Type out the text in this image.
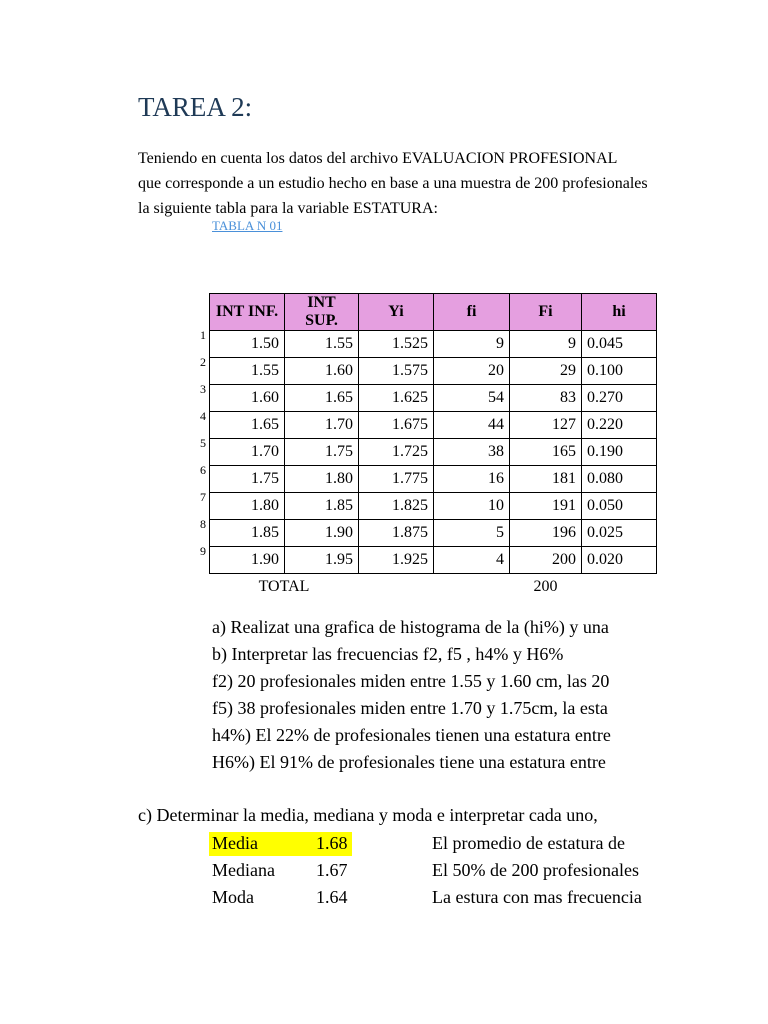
TAREA 2:
Teniendo en cuenta los datos del archivo EVALUACION PROFESIONAL
que corresponde a un estudio hecho en base a una muestra de 200 profesionales
la siguiente tabla para la variable ESTATURA:
TABLA N 01
INT INF.	INT SUP.	Yi	fi	Fi	hi
1.50	1.55	1.525	9	9	0.045
1.55	1.60	1.575	20	29	0.100
1.60	1.65	1.625	54	83	0.270
1.65	1.70	1.675	44	127	0.220
1.70	1.75	1.725	38	165	0.190
1.75	1.80	1.775	16	181	0.080
1.80	1.85	1.825	10	191	0.050
1.85	1.90	1.875	5	196	0.025
1.90	1.95	1.925	4	200	0.020
TOTAL				200	
1
2
3
4
5
6
7
8
9
a) Realizat una grafica de histograma de la (hi%) y una
b) Interpretar las frecuencias f2, f5 , h4% y H6%
f2) 20 profesionales miden entre 1.55 y 1.60 cm, las 20
f5) 38 profesionales miden entre 1.70 y 1.75cm, la esta
h4%) El 22% de profesionales tienen una estatura entre
H6%) El 91% de profesionales tiene una estatura entre
c) Determinar la media, mediana y moda e interpretar cada uno,
Media	1.68	El promedio de estatura de
Mediana 1.67	El 50% de 200 profesionales
Moda	1.64	La estura con mas frecuencia
